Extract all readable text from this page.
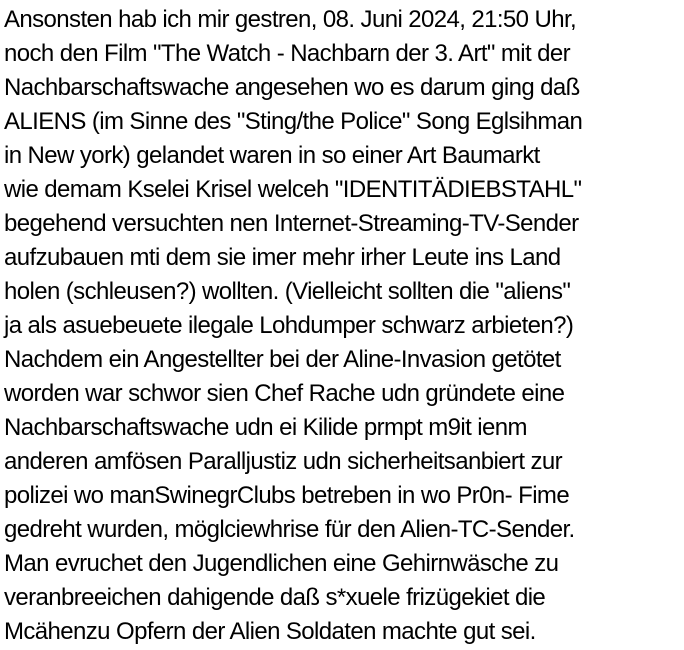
Ansonsten hab ich mir gestren, 08. Juni 2024, 21:50 Uhr,
noch den Film "The Watch - Nachbarn der 3. Art" mit der
Nachbarschaftswache angesehen wo es darum ging daß
ALIENS (im Sinne des "Sting/the Police" Song Eglsihman
in New york) gelandet waren in so einer Art Baumarkt
wie demam Kselei Krisel welceh "IDENTITÄDIEBSTAHL"
begehend versuchten nen Internet-Streaming-TV-Sender
aufzubauen mti dem sie imer mehr irher Leute ins Land
holen (schleusen?) wollten. (Vielleicht sollten die "aliens"
ja als asuebeuete ilegale Lohdumper schwarz arbieten?)
Nachdem ein Angestellter bei der Aline-Invasion getötet
worden war schwor sien Chef Rache udn gründete eine
Nachbarschaftswache udn ei Kilide prmpt m9it ienm
anderen amfösen Paralljustiz udn sicherheitsanbiert zur
polizei wo manSwinegrClubs betreben in wo Pr0n- Fime
gedreht wurden, möglciewhrise für den Alien-TC-Sender.
Man evruchet den Jugendlichen eine Gehirnwäsche zu
veranbreeichen dahigende daß s*xuele frizügekiet die
Mcähenzu Opfern der Alien Soldaten machte gut sei.
